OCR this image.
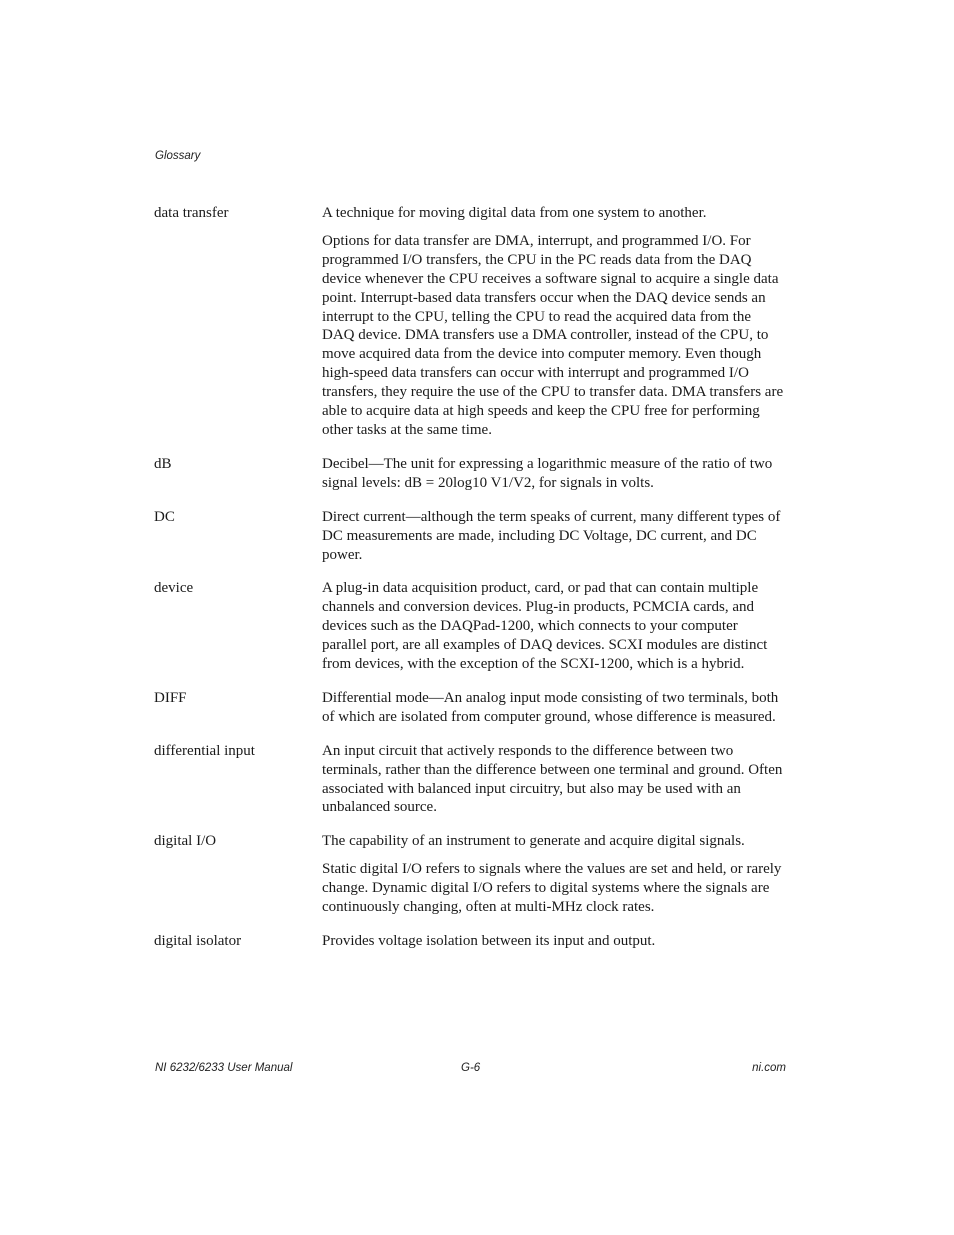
Glossary
data transfer	A technique for moving digital data from one system to another.

Options for data transfer are DMA, interrupt, and programmed I/O. For programmed I/O transfers, the CPU in the PC reads data from the DAQ device whenever the CPU receives a software signal to acquire a single data point. Interrupt-based data transfers occur when the DAQ device sends an interrupt to the CPU, telling the CPU to read the acquired data from the DAQ device. DMA transfers use a DMA controller, instead of the CPU, to move acquired data from the device into computer memory. Even though high-speed data transfers can occur with interrupt and programmed I/O transfers, they require the use of the CPU to transfer data. DMA transfers are able to acquire data at high speeds and keep the CPU free for performing other tasks at the same time.

dB	Decibel—The unit for expressing a logarithmic measure of the ratio of two signal levels: dB = 20log10 V1/V2, for signals in volts.

DC	Direct current—although the term speaks of current, many different types of DC measurements are made, including DC Voltage, DC current, and DC power.

device	A plug-in data acquisition product, card, or pad that can contain multiple channels and conversion devices. Plug-in products, PCMCIA cards, and devices such as the DAQPad-1200, which connects to your computer parallel port, are all examples of DAQ devices. SCXI modules are distinct from devices, with the exception of the SCXI-1200, which is a hybrid.

DIFF	Differential mode—An analog input mode consisting of two terminals, both of which are isolated from computer ground, whose difference is measured.

differential input	An input circuit that actively responds to the difference between two terminals, rather than the difference between one terminal and ground. Often associated with balanced input circuitry, but also may be used with an unbalanced source.

digital I/O	The capability of an instrument to generate and acquire digital signals.

Static digital I/O refers to signals where the values are set and held, or rarely change. Dynamic digital I/O refers to digital systems where the signals are continuously changing, often at multi-MHz clock rates.

digital isolator	Provides voltage isolation between its input and output.

NI 6232/6233 User Manual	G-6	ni.com
